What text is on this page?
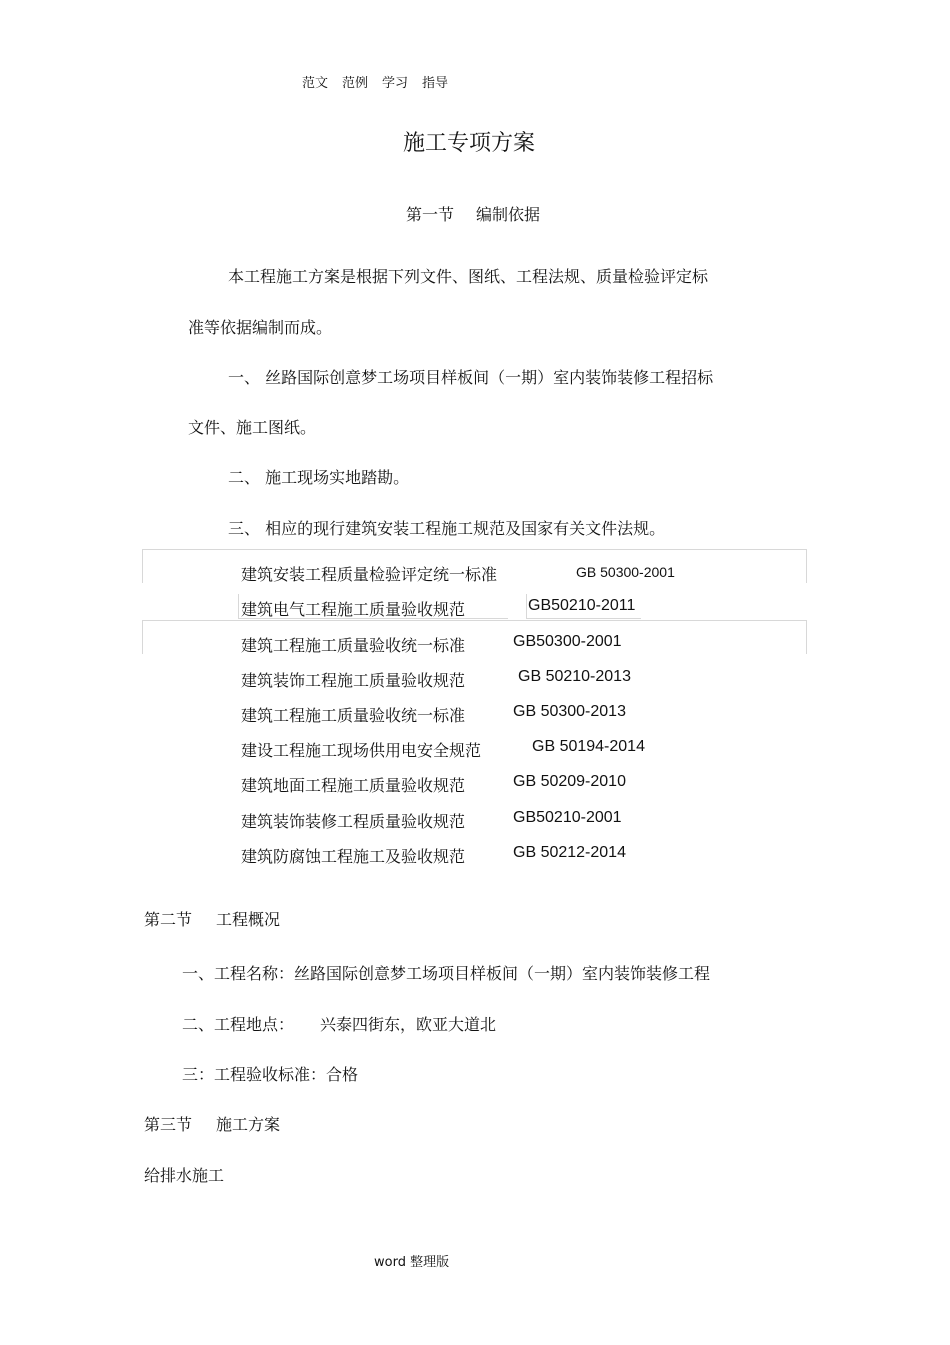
范文 范例 学习 指导
施工专项方案
第一节 编制依据
本工程施工方案是根据下列文件、图纸、工程法规、质量检验评定标
准等依据编制而成。
一、 丝路国际创意梦工场项目样板间（一期）室内装饰装修工程招标
文件、施工图纸。
二、 施工现场实地踏勘。
三、 相应的现行建筑安装工程施工规范及国家有关文件法规。
建筑安装工程质量检验评定统一标准	GB 50300-2001
建筑电气工程施工质量验收规范	GB50210-2011
建筑工程施工质量验收统一标准	GB50300-2001
建筑装饰工程施工质量验收规范	GB 50210-2013
建筑工程施工质量验收统一标准	GB 50300-2013
建设工程施工现场供用电安全规范	GB 50194-2014
建筑地面工程施工质量验收规范	GB 50209-2010
建筑装饰装修工程质量验收规范	GB50210-2001
建筑防腐蚀工程施工及验收规范	GB 50212-2014
第二节 工程概况
一、工程名称：丝路国际创意梦工场项目样板间（一期）室内装饰装修工程
二、工程地点： 兴泰四街东，欧亚大道北
三：工程验收标准：合格
第三节 施工方案
给排水施工
word 整理版
